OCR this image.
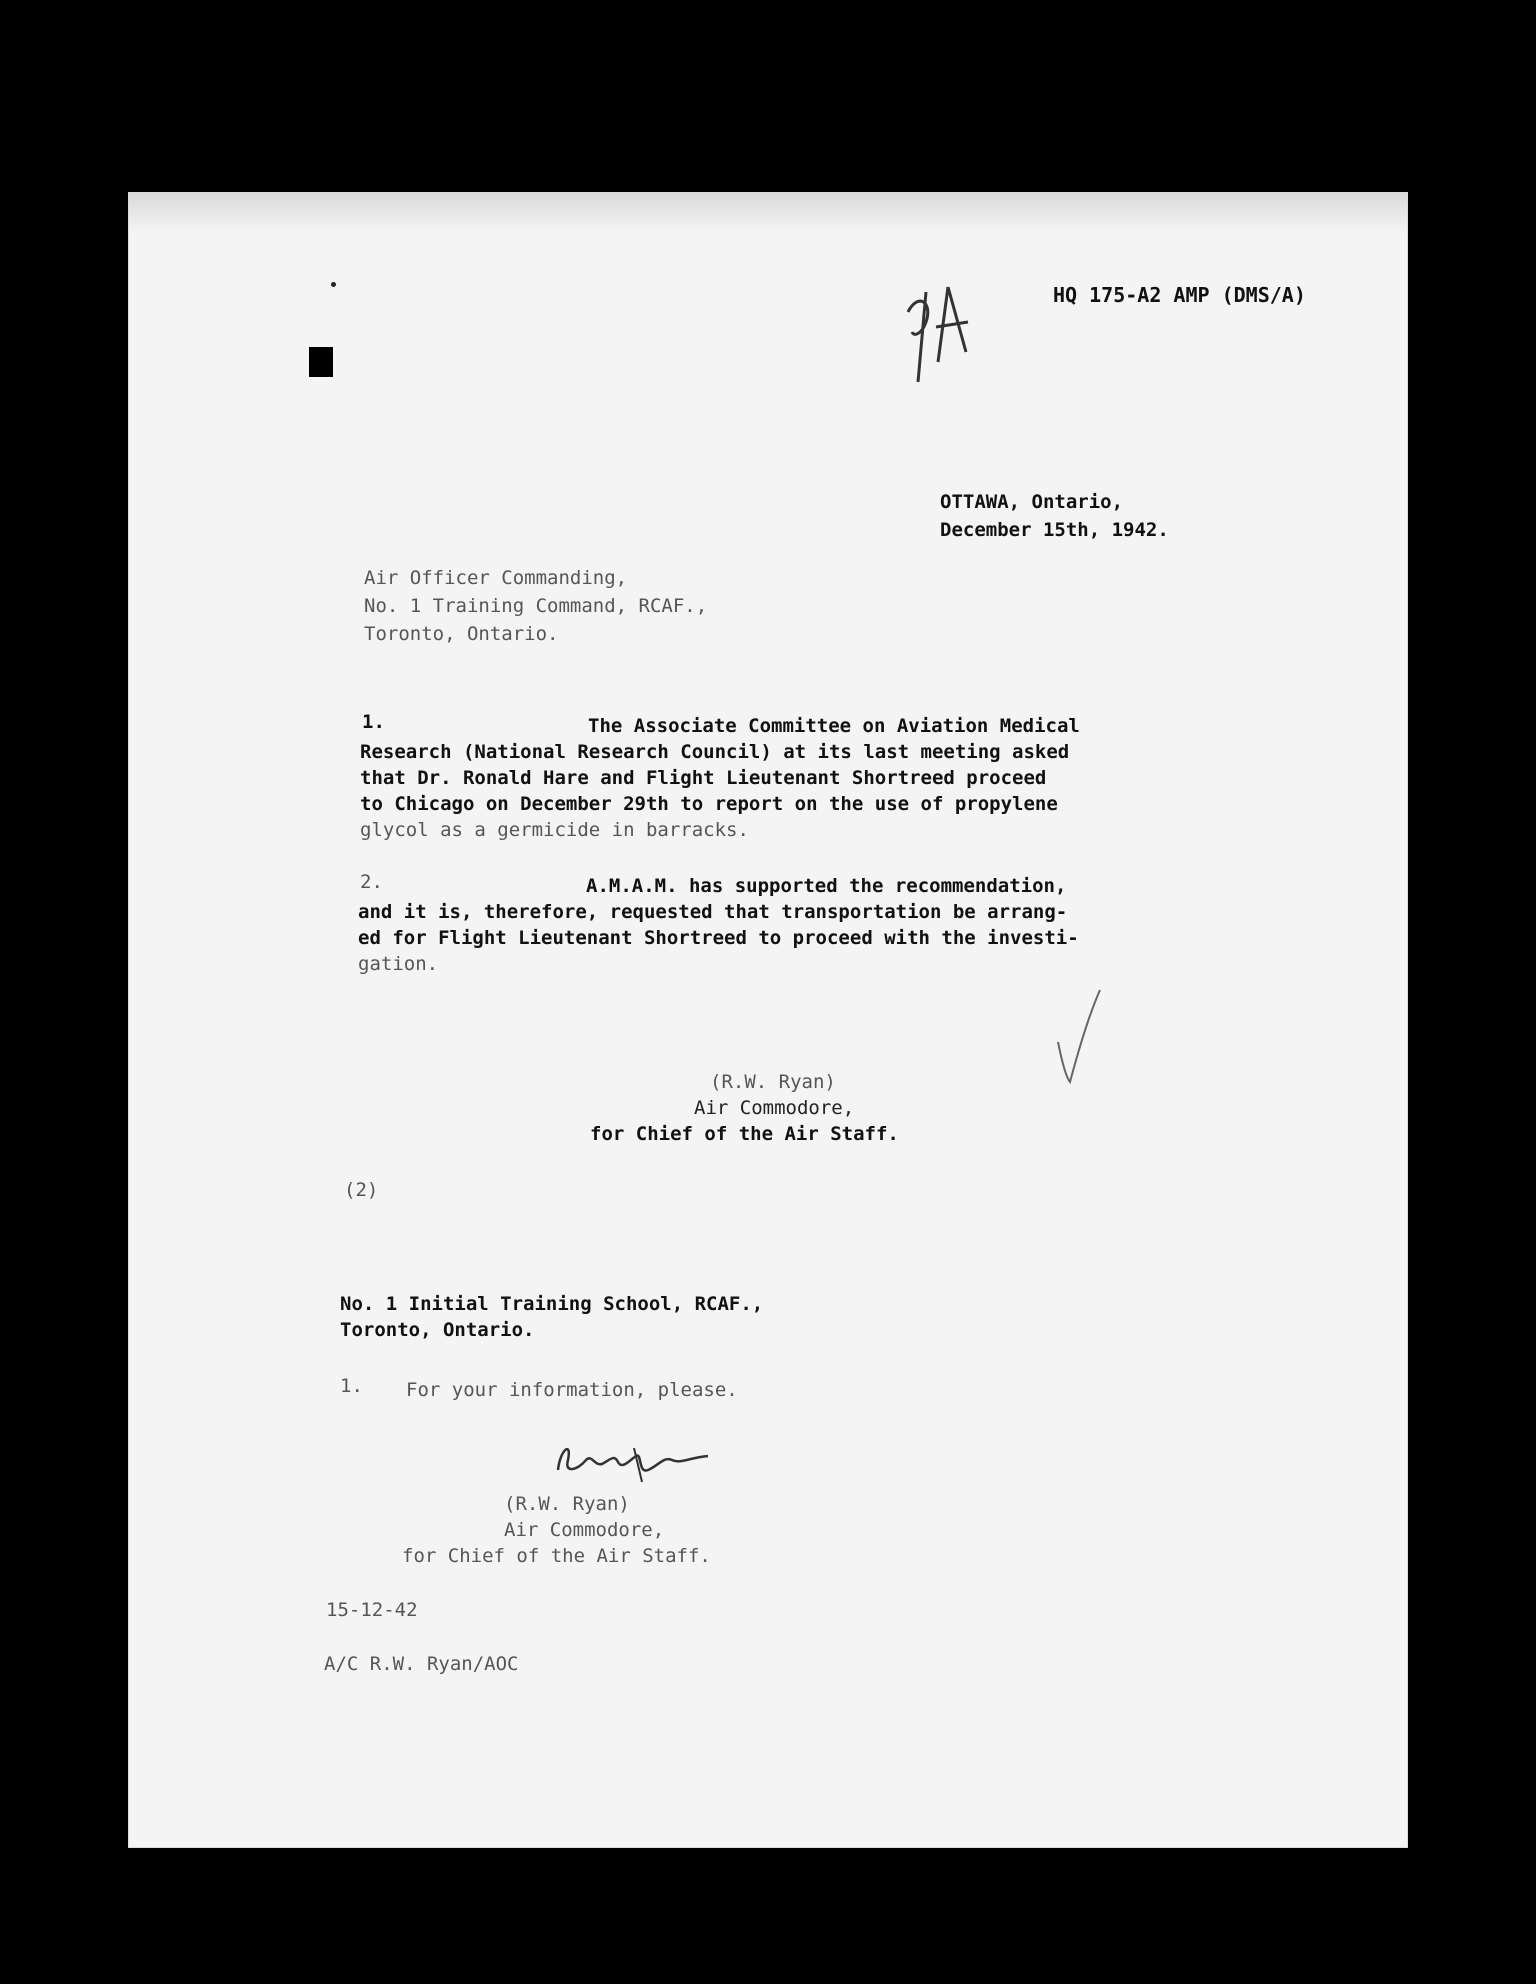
HQ 175-A2 AMP (DMS/A)
OTTAWA, Ontario,
December 15th, 1942.
Air Officer Commanding,
No. 1 Training Command, RCAF.,
Toronto, Ontario.
1.	The Associate Committee on Aviation Medical
Research (National Research Council) at its last meeting asked
that Dr. Ronald Hare and Flight Lieutenant Shortreed proceed
to Chicago on December 29th to report on the use of propylene
glycol as a germicide in barracks.
2.	A.M.A.M. has supported the recommendation,
and it is, therefore, requested that transportation be arrang-
ed for Flight Lieutenant Shortreed to proceed with the investi-
gation.
(R.W. Ryan)
Air Commodore,
for Chief of the Air Staff.
(2)
No. 1 Initial Training School, RCAF.,
Toronto, Ontario.
1. For your information, please.
(R.W. Ryan)
Air Commodore,
for Chief of the Air Staff.
15-12-42
A/C R.W. Ryan/AOC
